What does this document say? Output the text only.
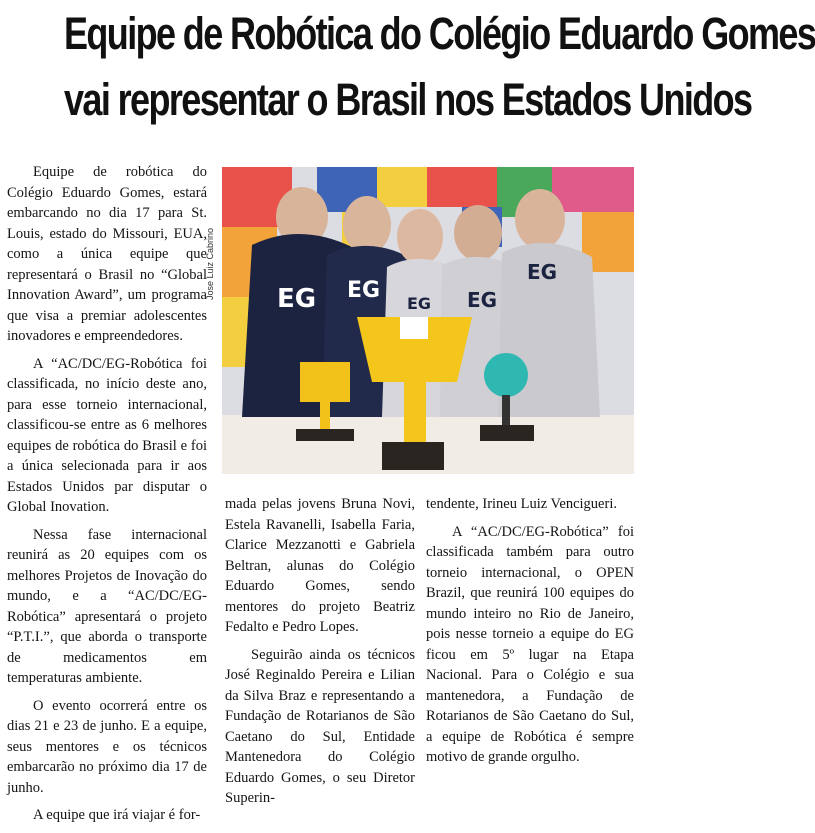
Equipe de Robótica do Colégio Eduardo Gomes
vai representar o Brasil nos Estados Unidos
Jose Luiz Cabrino EG EG
EG EG
EG

Equipe de robótica do Colégio Eduardo Gomes, estará embarcando no dia 17 para St. Louis, estado do Missouri, EUA, como a única equipe que representará o Brasil no “Global Innovation Award”, um programa que visa a premiar adolescentes inovadores e empreendedores.

A “AC/DC/EG-Robótica foi classificada, no início deste ano, para esse torneio internacional, classificou-se entre as 6 melhores equipes de robótica do Brasil e foi a única selecionada para ir aos Estados Unidos par disputar o Global Inovation.

Nessa fase internacional reunirá as 20 equipes com os melhores Projetos de Inovação do mundo, e a “AC/DC/EG-Robótica” apresentará o projeto “P.T.I.”, que aborda o transporte de medicamentos em temperaturas ambiente.

O evento ocorrerá entre os dias 21 e 23 de junho. E a equipe, seus mentores e os técnicos embarcarão no próximo dia 17 de junho.

A equipe que irá viajar é for-

mada pelas jovens Bruna Novi, Estela Ravanelli, Isabella Faria, Clarice Mezzanotti e Gabriela Beltran, alunas do Colégio Eduardo Gomes, sendo mentores do projeto Beatriz Fedalto e Pedro Lopes.

Seguirão ainda os técnicos José Reginaldo Pereira e Lilian da Silva Braz e representando a Fundação de Rotarianos de São Caetano do Sul, Entidade Mantenedora do Colégio Eduardo Gomes, o seu Diretor Superin-

tendente, Irineu Luiz Vencigueri.

A “AC/DC/EG-Robótica” foi classificada também para outro torneio internacional, o OPEN Brazil, que reunirá 100 equipes do mundo inteiro no Rio de Janeiro, pois nesse torneio a equipe do EG ficou em 5º lugar na Etapa Nacional. Para o Colégio e sua mantenedora, a Fundação de Rotarianos de São Caetano do Sul, a equipe de Robótica é sempre motivo de grande orgulho.
